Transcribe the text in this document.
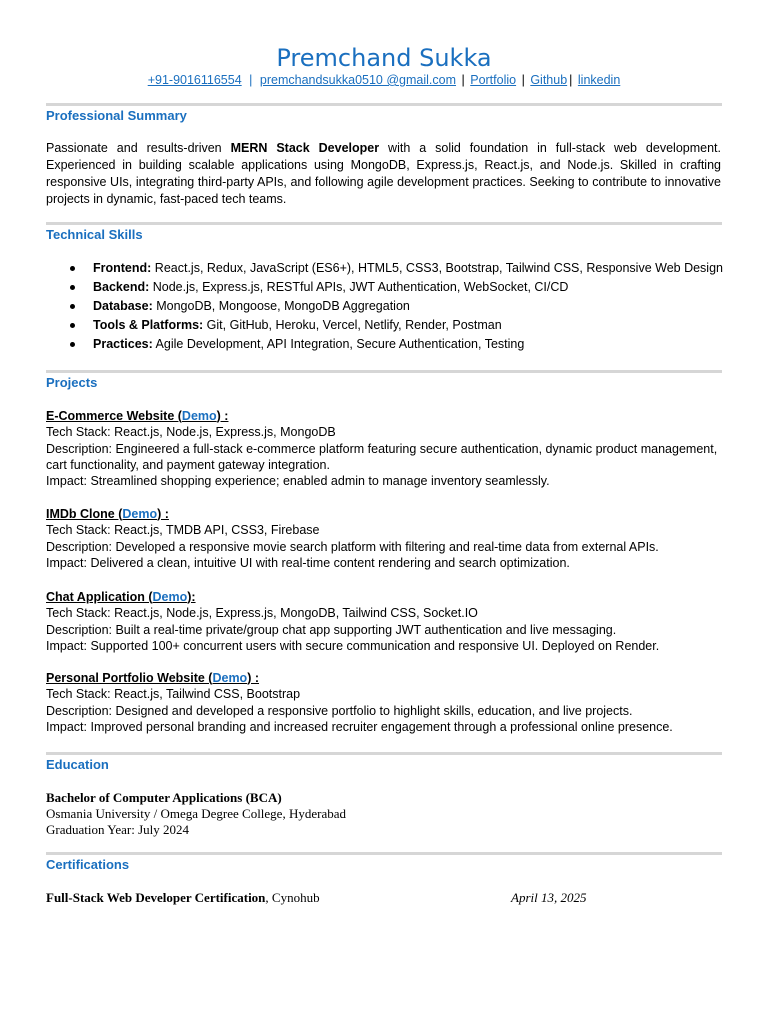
Premchand Sukka
+91-9016116554 | premchandsukka0510 @gmail.com | Portfolio | Github | linkedin
Professional Summary
Passionate and results-driven MERN Stack Developer with a solid foundation in full-stack web development. Experienced in building scalable applications using MongoDB, Express.js, React.js, and Node.js. Skilled in crafting responsive UIs, integrating third-party APIs, and following agile development practices. Seeking to contribute to innovative projects in dynamic, fast-paced tech teams.
Technical Skills
Frontend: React.js, Redux, JavaScript (ES6+), HTML5, CSS3, Bootstrap, Tailwind CSS, Responsive Web Design
Backend: Node.js, Express.js, RESTful APIs, JWT Authentication, WebSocket, CI/CD
Database: MongoDB, Mongoose, MongoDB Aggregation
Tools & Platforms: Git, GitHub, Heroku, Vercel, Netlify, Render, Postman
Practices: Agile Development, API Integration, Secure Authentication, Testing
Projects
E-Commerce Website (Demo) :
Tech Stack: React.js, Node.js, Express.js, MongoDB
Description: Engineered a full-stack e-commerce platform featuring secure authentication, dynamic product management, cart functionality, and payment gateway integration.
Impact: Streamlined shopping experience; enabled admin to manage inventory seamlessly.
IMDb Clone (Demo) :
Tech Stack: React.js, TMDB API, CSS3, Firebase
Description: Developed a responsive movie search platform with filtering and real-time data from external APIs.
Impact: Delivered a clean, intuitive UI with real-time content rendering and search optimization.
Chat Application (Demo):
Tech Stack: React.js, Node.js, Express.js, MongoDB, Tailwind CSS, Socket.IO
Description: Built a real-time private/group chat app supporting JWT authentication and live messaging.
Impact: Supported 100+ concurrent users with secure communication and responsive UI. Deployed on Render.
Personal Portfolio Website (Demo) :
Tech Stack: React.js, Tailwind CSS, Bootstrap
Description: Designed and developed a responsive portfolio to highlight skills, education, and live projects.
Impact: Improved personal branding and increased recruiter engagement through a professional online presence.
Education
Bachelor of Computer Applications (BCA)
Osmania University / Omega Degree College, Hyderabad
Graduation Year: July 2024
Certifications
Full-Stack Web Developer Certification, Cynohub	April 13, 2025
